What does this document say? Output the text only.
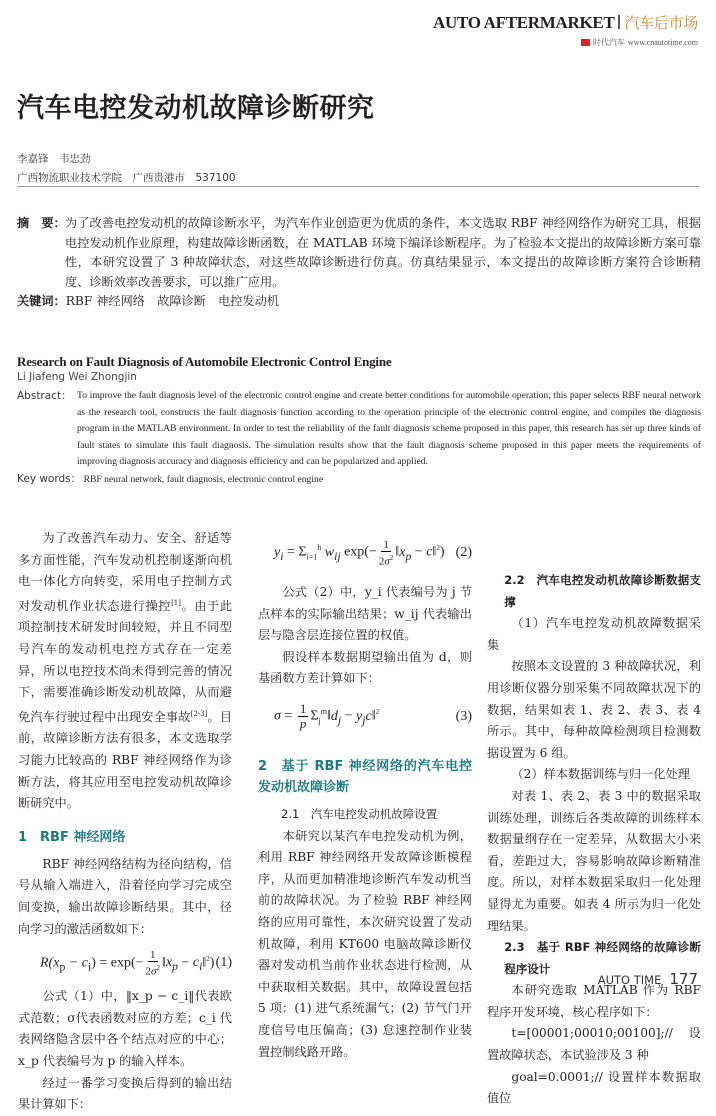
AUTO AFTERMARKET 汽车后市场
时代汽车 www.cnautotime.com
汽车电控发动机故障诊断研究
李嘉锋　韦忠劲
广西物流职业技术学院　广西贵港市　537100
摘　要： 为了改善电控发动机的故障诊断水平，为汽车作业创造更为优质的条件，本文选取 RBF 神经网络作为研究工具，根据电控发动机作业原理，构建故障诊断函数，在 MATLAB 环境下编译诊断程序。为了检验本文提出的故障诊断方案可靠性，本研究设置了 3 种故障状态，对这些故障诊断进行仿真。仿真结果显示，本文提出的故障诊断方案符合诊断精度、诊断效率改善要求，可以推广应用。
关键词：RBF 神经网络　故障诊断　电控发动机
Research on Fault Diagnosis of Automobile Electronic Control Engine
Li Jiafeng Wei Zhongjin
Abstract： To improve the fault diagnosis level of the electronic control engine and create better conditions for automobile operation, this paper selects RBF neural network as the research tool, constructs the fault diagnosis function according to the operation principle of the electronic control engine, and compiles the diagnosis program in the MATLAB environment. In order to test the reliability of the fault diagnosis scheme proposed in this paper, this research has set up three kinds of fault states to simulate this fault diagnosis. The simulation results show that the fault diagnosis scheme proposed in this paper meets the requirements of improving diagnosis accuracy and diagnosis efficiency and can be popularized and applied.
Key words： RBF neural network, fault diagnosis, electronic control engine

为了改善汽车动力、安全、舒适等多方面性能，汽车发动机控制逐渐向机电一体化方向转变，采用电子控制方式对发动机作业状态进行操控[1]。由于此项控制技术研发时间较短，并且不同型号汽车的发动机电控方式存在一定差异，所以电控技术尚未得到完善的情况下，需要准确诊断发动机故障，从而避免汽车行驶过程中出现安全事故[2-3]。目前，故障诊断方法有很多，本文选取学习能力比较高的 RBF 神经网络作为诊断方法，将其应用至电控发动机故障诊断研究中。

1　RBF 神经网络

RBF 神经网络结构为径向结构，信号从输入端进入，沿着径向学习完成空间变换，输出故障诊断结果。其中，径向学习的激活函数如下：

$R(x_p - c_i) = \exp(- \frac{1}{2\sigma^2}$ $‖x_p$ − $c_i‖^2$) (1)

公式（1）中，‖x_p − c_i‖代表欧式范数；σ代表函数对应的方差；c_i 代表网络隐含层中各个结点对应的中心；x_p 代表编号为 p 的输入样本。

经过一番学习变换后得到的输出结果计算如下：

$y_i = \Sigma_{i=1}^h$ $w_{ij}$ $\exp(- \frac{1}{2\sigma^2}$ $‖x_p$ − c‖$^2$) (2)

公式（2）中，y_i 代表编号为 j 节点样本的实际输出结果；w_ij 代表输出层与隐含层连接位置的权值。

假设样本数据期望输出值为 d，则基函数方差计算如下：

$\sigma = \frac{1}{p}$ $\Sigma_j^m‖d_j$ − $y_jc‖^2$	(3)
2　基于 RBF 神经网络的汽车电控发动机故障诊断
2.1　汽车电控发动机故障设置

本研究以某汽车电控发动机为例，利用 RBF 神经网络开发故障诊断模程序，从而更加精准地诊断汽车发动机当前的故障状况。为了检验 RBF 神经网络的应用可靠性，本次研究设置了发动机故障，利用 KT600 电脑故障诊断仪器对发动机当前作业状态进行检测，从中获取相关数据。其中，故障设置包括 5 项：(1) 进气系统漏气；(2) 节气门开度信号电压偏高；(3) 怠速控制作业装置控制线路开路。

2.2　汽车电控发动机故障诊断数据支撑

（1）汽车电控发动机故障数据采集

按照本文设置的 3 种故障状况，利用诊断仪器分别采集不同故障状况下的数据，结果如表 1、表 2、表 3、表 4 所示。其中，每种故障检测项目检测数据设置为 6 组。

（2）样本数据训练与归一化处理

对表 1、表 2、表 3 中的数据采取训练处理，训练后各类故障的训练样本数据量纲存在一定差异，从数据大小来看，差距过大，容易影响故障诊断精准度。所以，对样本数据采取归一化处理显得尤为重要。如表 4 所示为归一化处理结果。

2.3　基于 RBF 神经网络的故障诊断程序设计

本研究选取 MATLAB 作为 RBF 程序开发环境，核心程序如下：

t=[00001;00010;00100];// 设置故障状态，本试验涉及 3 种

goal=0.0001;// 设置样本数据取值位

AUTO TIME 177
